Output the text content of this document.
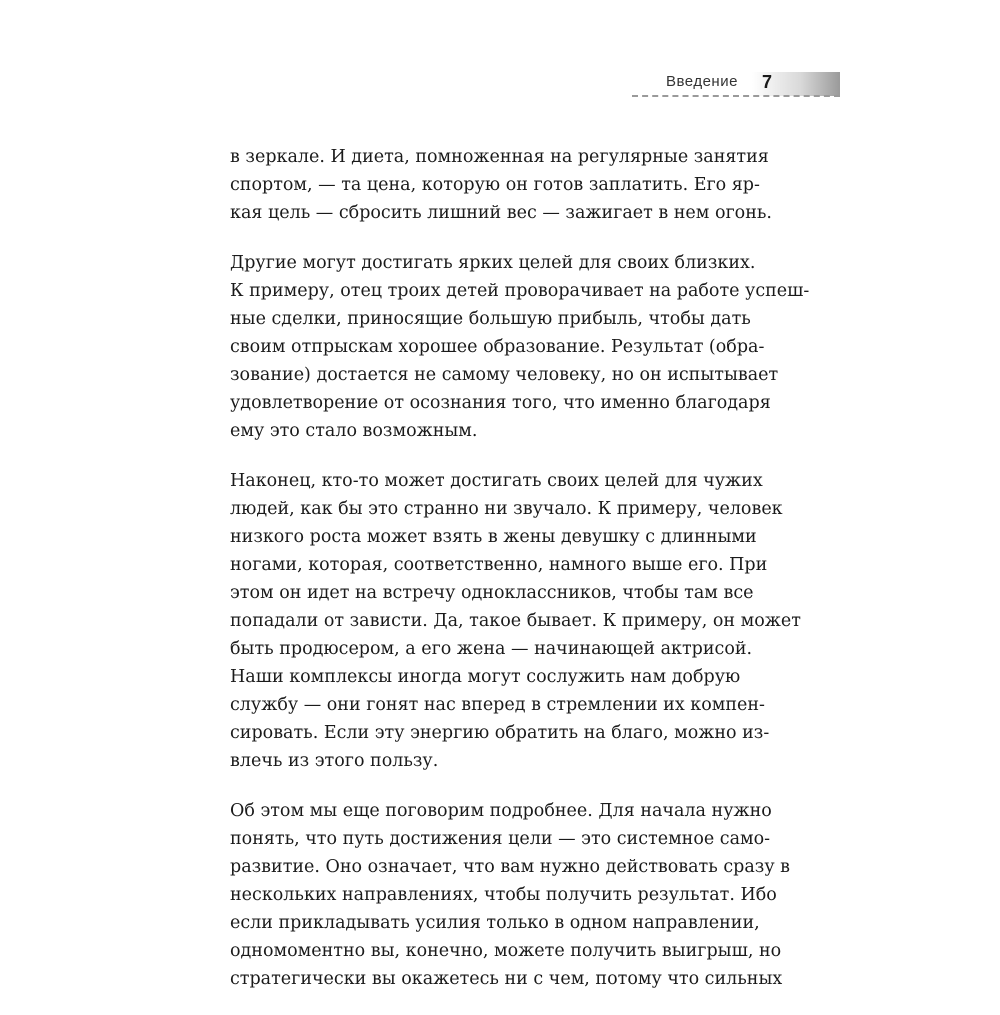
Введение 7
в зеркале. И диета, помноженная на регулярные занятия
спортом, — та цена, которую он готов заплатить. Его яр-
кая цель — сбросить лишний вес — зажигает в нем огонь.
Другие могут достигать ярких целей для своих близких.
К примеру, отец троих детей проворачивает на работе успеш-
ные сделки, приносящие большую прибыль, чтобы дать
своим отпрыскам хорошее образование. Результат (обра-
зование) достается не самому человеку, но он испытывает
удовлетворение от осознания того, что именно благодаря
ему это стало возможным.
Наконец, кто-то может достигать своих целей для чужих
людей, как бы это странно ни звучало. К примеру, человек
низкого роста может взять в жены девушку с длинными
ногами, которая, соответственно, намного выше его. При
этом он идет на встречу одноклассников, чтобы там все
попадали от зависти. Да, такое бывает. К примеру, он может
быть продюсером, а его жена — начинающей актрисой.
Наши комплексы иногда могут сослужить нам добрую
службу — они гонят нас вперед в стремлении их компен-
сировать. Если эту энергию обратить на благо, можно из-
влечь из этого пользу.
Об этом мы еще поговорим подробнее. Для начала нужно
понять, что путь достижения цели — это системное само-
развитие. Оно означает, что вам нужно действовать сразу в
нескольких направлениях, чтобы получить результат. Ибо
если прикладывать усилия только в одном направлении,
одномоментно вы, конечно, можете получить выигрыш, но
стратегически вы окажетесь ни с чем, потому что сильных
